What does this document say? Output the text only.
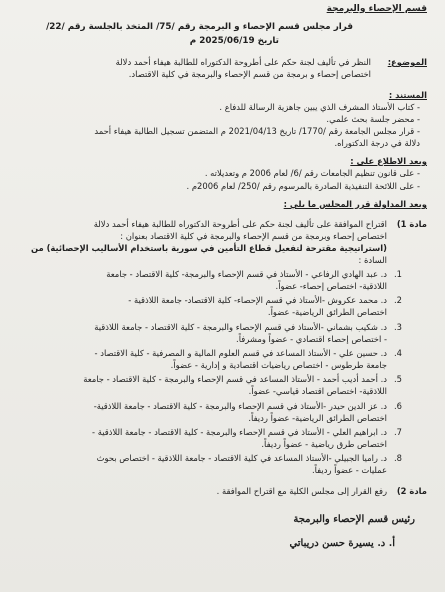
قسم الإحصاء والبرمجة
قرار مجلس قسم الإحصاء و البرمجة رقم /75/ المتخذ بالجلسة رقم /22/
تاريخ 2025/06/19 م
الموضوع:
النظر في تأليف لجنة حكم على أطروحة الدكتوراه للطالبة هيفاء أحمد دلالة
اختصاص إحصاء و برمجة من قسم الإحصاء والبرمجة في كلية الاقتصاد.
المستند :
- كتاب الأستاذ المشرف الذي يبين جاهزية الرسالة للدفاع .
- محضر جلسة بحث علمي.
- قرار مجلس الجامعة رقم /1770/ تاريخ 2021/04/13 م المتضمن تسجيل الطالبة هيفاء أحمد
دلالة في درجة الدكتوراه.
وبعد الاطلاع على :
- على قانون تنظيم الجامعات رقم /6/ لعام 2006 م وتعديلاته .
- على اللائحة التنفيذية الصادرة بالمرسوم رقم /250/ لعام 2006م .
وبعد المداولة قرر المجلس ما يلي :
مادة 1)
اقتراح الموافقة على تأليف لجنة حكم على أطروحة الدكتوراه للطالبة هيفاء أحمد دلالة
اختصاص إحصاء وبرمجة من قسم الإحصاء والبرمجة في كلية الاقتصاد بعنوان :
(استراتيجية مقترحة لتفعيل قطاع التأمين في سورية باستخدام الأساليب الإحصائية) من
السادة :
1.
د. عبد الهادي الرفاعي - الأستاذ في قسم الإحصاء والبرمجة- كلية الاقتصاد - جامعة
اللاذقية- اختصاص إحصاء- عضواً.
2.
د. محمد عكروش -الأستاذ في قسم الإحصاء- كلية الاقتصاد- جامعة اللاذقية -
اختصاص الطرائق الرياضية- عضواً.
3.
د. شكيب بشماني -الأستاذ في قسم الإحصاء والبرمجة - كلية الاقتصاد - جامعة اللاذقية
- اختصاص إحصاء اقتصادي - عضواً ومشرفاً.
4.
د. حسين علي - الأستاذ المساعد في قسم العلوم المالية و المصرفية - كلية الاقتصاد -
جامعة طرطوس - اختصاص رياضيات اقتصادية و إدارية - عضواً.
5.
د. أحمد أديب أحمد - الأستاذ المساعد في قسم الإحصاء والبرمجة - كلية الاقتصاد - جامعة
اللاذقية- اختصاص اقتصاد قياسي- عضواً.
6.
د. عز الدين حيدر -الأستاذ في قسم الإحصاء والبرمجة - كلية الاقتصاد - جامعة اللاذقية-
اختصاص الطرائق الرياضية- عضواً رديفاً.
7.
د. ابراهيم العلي - الأستاذ في قسم الإحصاء والبرمجة - كلية الاقتصاد - جامعة اللاذقية -
اختصاص طرق رياضية - عضواً رديفاً.
8.
د. راميا الجبيلي -الأستاذ المساعد في كلية الاقتصاد - جامعة اللاذقية - اختصاص بحوث
عمليات - عضواً رديفاً.
مادة 2)
رفع القرار إلى مجلس الكلية مع اقتراح الموافقة .
رئيس قسم الإحصاء والبرمجة
أ. د. يسيرة حسن دريباتي
